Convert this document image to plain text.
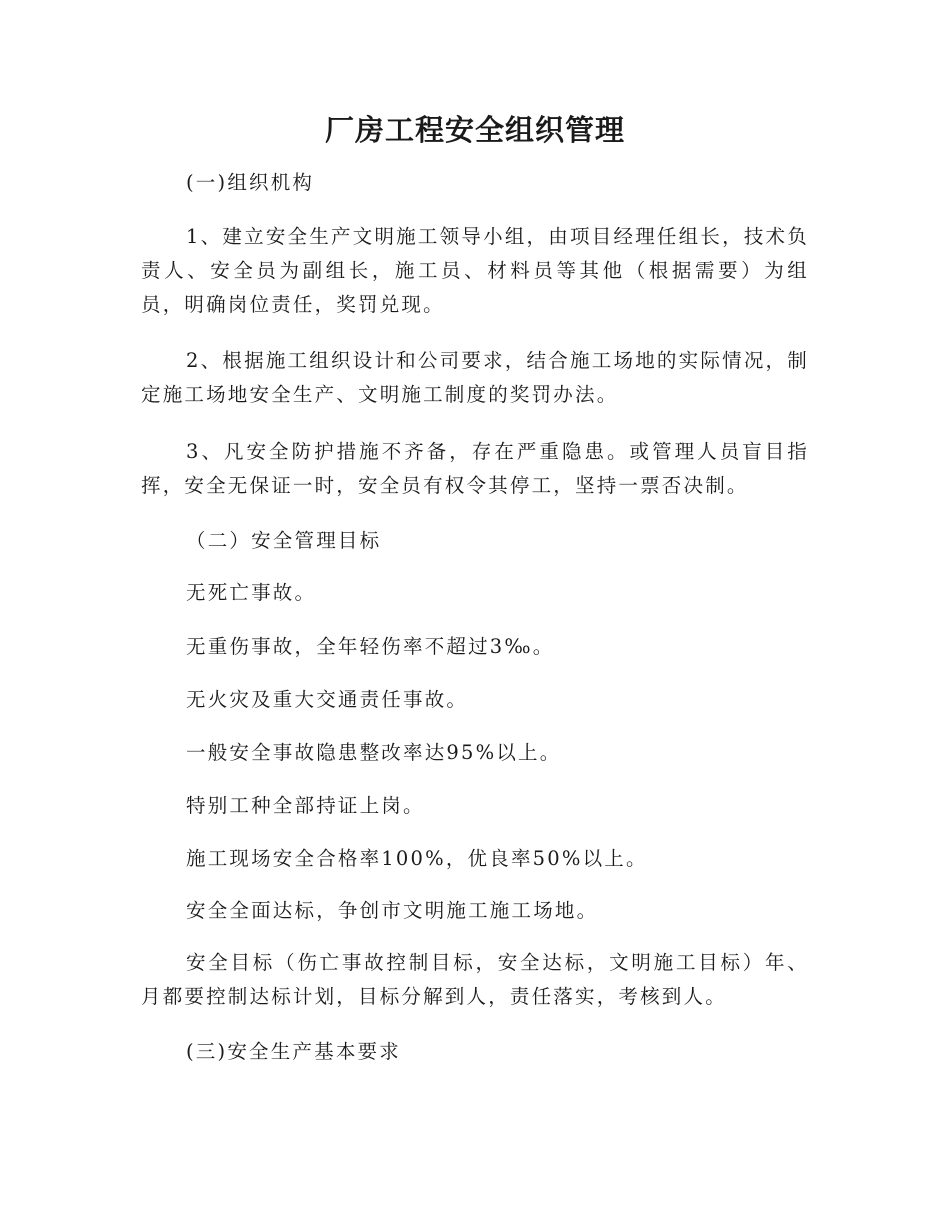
厂房工程安全组织管理

(一)组织机构

1、建立安全生产文明施工领导小组，由项目经理任组长，技术负责人、安全员为副组长，施工员、材料员等其他（根据需要）为组员，明确岗位责任，奖罚兑现。

2、根据施工组织设计和公司要求，结合施工场地的实际情况，制定施工场地安全生产、文明施工制度的奖罚办法。

3、凡安全防护措施不齐备，存在严重隐患。或管理人员盲目指挥，安全无保证一时，安全员有权令其停工，坚持一票否决制。

（二）安全管理目标

无死亡事故。

无重伤事故，全年轻伤率不超过3‰。

无火灾及重大交通责任事故。

一般安全事故隐患整改率达95%以上。

特别工种全部持证上岗。

施工现场安全合格率100%，优良率50%以上。

安全全面达标，争创市文明施工施工场地。

安全目标（伤亡事故控制目标，安全达标，文明施工目标）年、月都要控制达标计划，目标分解到人，责任落实，考核到人。

(三)安全生产基本要求
